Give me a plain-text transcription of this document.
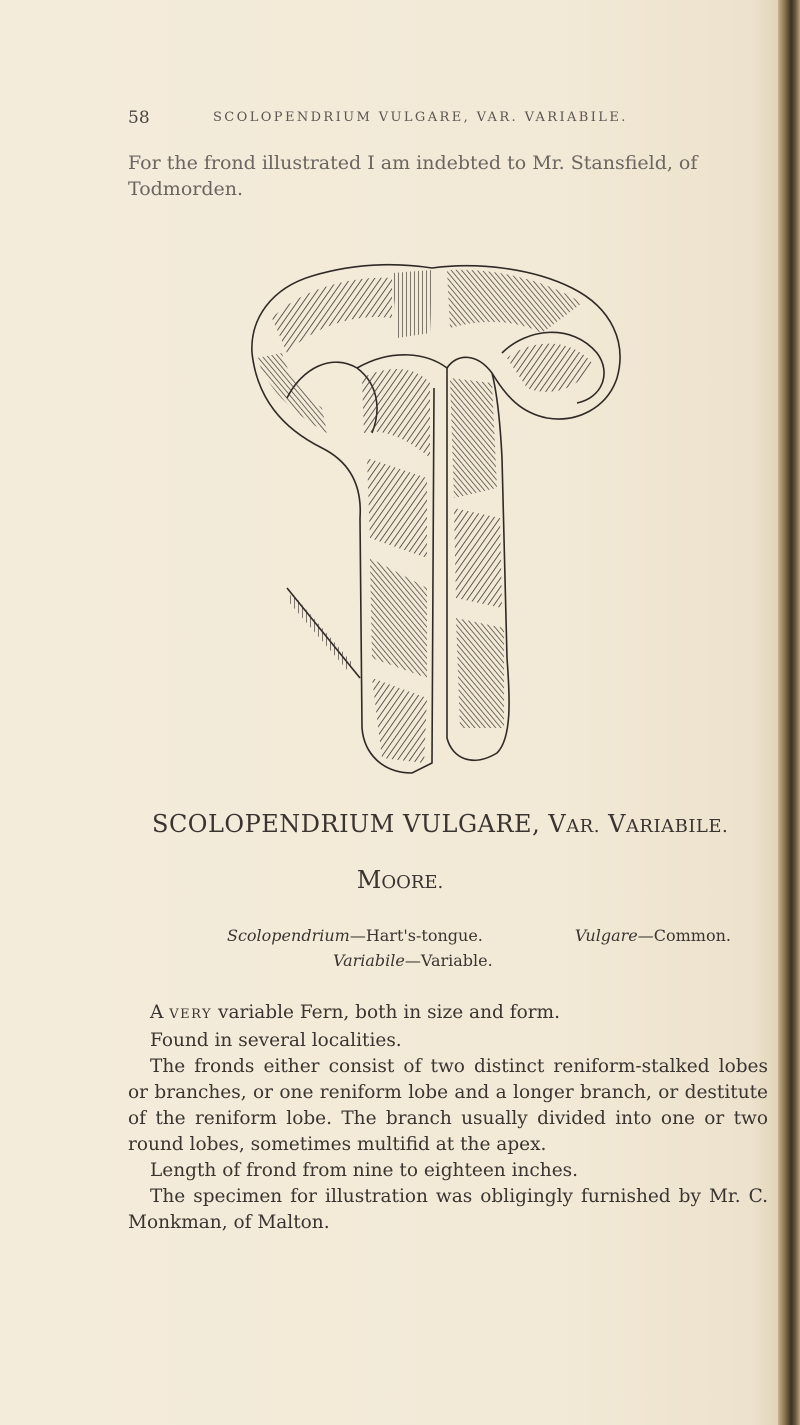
58	SCOLOPENDRIUM VULGARE, VAR. VARIABILE.
For the frond illustrated I am indebted to Mr. Stansfield, of Todmorden.
SCOLOPENDRIUM VULGARE, VAR. VARIABILE.
MOORE.
Scolopendrium—Hart's-tongue.	Vulgare—Common.
Variabile—Variable.

A VERY variable Fern, both in size and form.

Found in several localities.

The fronds either consist of two distinct reniform-stalked lobes or branches, or one reniform lobe and a longer branch, or destitute of the reniform lobe. The branch usually divided into one or two round lobes, sometimes multifid at the apex.

Length of frond from nine to eighteen inches.

The specimen for illustration was obligingly furnished by Mr. C. Monkman, of Malton.
